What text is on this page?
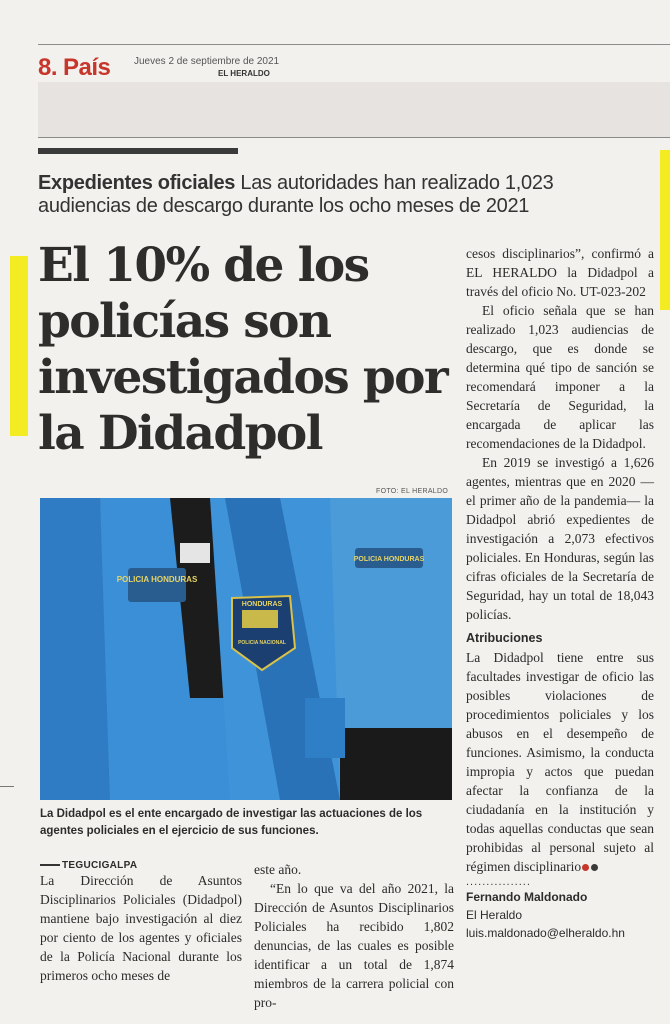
8. País Jueves 2 de septiembre de 2021
EL HERALDO
Expedientes oficiales Las autoridades han realizado 1,023 audiencias de descargo durante los ocho meses de 2021
El 10% de los policías son investigados por la Didadpol
FOTO: EL HERALDO
POLICIA HONDURAS
POLICIA HONDURAS
HONDURAS
POLICIA NACIONAL
La Didadpol es el ente encargado de investigar las actuaciones de los agentes policiales en el ejercicio de sus funciones.
TEGUCIGALPA

La Dirección de Asuntos Disciplinarios Policiales (Didadpol) mantiene bajo investigación al diez por ciento de los agentes y oficiales de la Policía Nacional durante los primeros ocho meses de

este año.

“En lo que va del año 2021, la Dirección de Asuntos Disciplinarios Policiales ha recibido 1,802 denuncias, de las cuales es posible identificar a un total de 1,874 miembros de la carrera policial con pro-

cesos disciplinarios”, confirmó a EL HERALDO la Didadpol a través del oficio No. UT-023-202

El oficio señala que se han realizado 1,023 audiencias de descargo, que es donde se determina qué tipo de sanción se recomendará imponer a la Secretaría de Seguridad, la encargada de aplicar las recomendaciones de la Didadpol.

En 2019 se investigó a 1,626 agentes, mientras que en 2020 —el primer año de la pandemia— la Didadpol abrió expedientes de investigación a 2,073 efectivos policiales. En Honduras, según las cifras oficiales de la Secretaría de Seguridad, hay un total de 18,043 policías.

Atribuciones

La Didadpol tiene entre sus facultades investigar de oficio las posibles violaciones de procedimientos policiales y los abusos en el desempeño de funciones. Asimismo, la conducta impropia y actos que puedan afectar la confianza de la ciudadanía en la institución y todas aquellas conductas que sean prohibidas al personal sujeto al régimen disciplinario

................
Fernando Maldonado
El Heraldo
luis.maldonado@elheraldo.hn
